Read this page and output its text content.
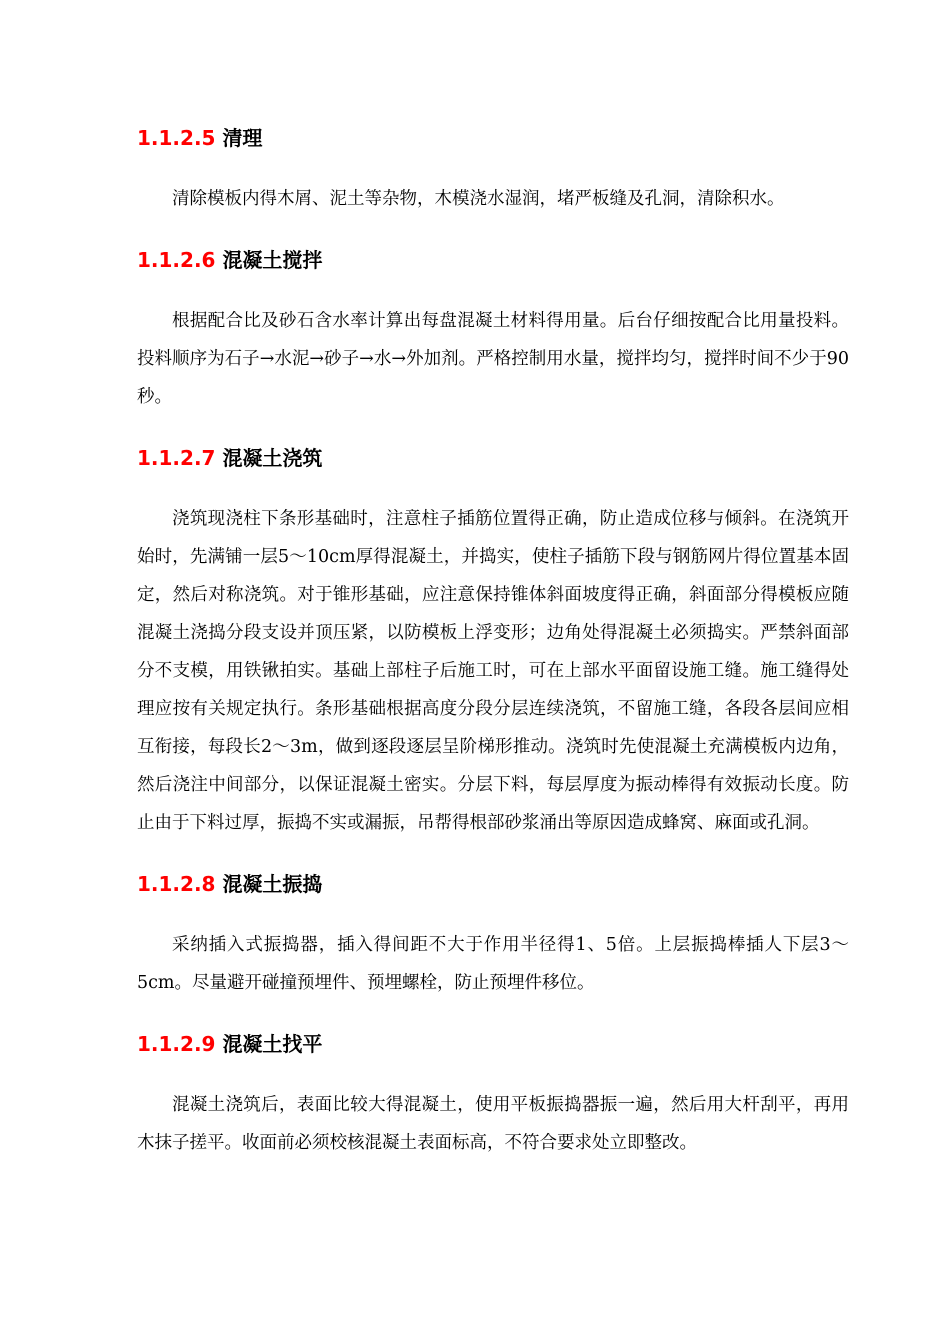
1.1.2.5 清理

清除模板内得木屑、泥土等杂物，木模浇水湿润，堵严板缝及孔洞，清除积水。

1.1.2.6 混凝土搅拌

根据配合比及砂石含水率计算出每盘混凝土材料得用量。后台仔细按配合比用量投料。投料顺序为石子→水泥→砂子→水→外加剂。严格控制用水量，搅拌均匀，搅拌时间不少于90秒。

1.1.2.7 混凝土浇筑

浇筑现浇柱下条形基础时，注意柱子插筋位置得正确，防止造成位移与倾斜。在浇筑开始时，先满铺一层5～10cm厚得混凝土，并捣实，使柱子插筋下段与钢筋网片得位置基本固定，然后对称浇筑。对于锥形基础，应注意保持锥体斜面坡度得正确，斜面部分得模板应随混凝土浇捣分段支设并顶压紧，以防模板上浮变形；边角处得混凝土必须捣实。严禁斜面部分不支模，用铁锹拍实。基础上部柱子后施工时，可在上部水平面留设施工缝。施工缝得处理应按有关规定执行。条形基础根据高度分段分层连续浇筑，不留施工缝，各段各层间应相互衔接，每段长2～3m，做到逐段逐层呈阶梯形推动。浇筑时先使混凝土充满模板内边角，然后浇注中间部分，以保证混凝土密实。分层下料，每层厚度为振动棒得有效振动长度。防止由于下料过厚，振捣不实或漏振，吊帮得根部砂浆涌出等原因造成蜂窝、麻面或孔洞。

1.1.2.8 混凝土振捣

采纳插入式振捣器，插入得间距不大于作用半径得1、5倍。上层振捣棒插人下层3～5cm。尽量避开碰撞预埋件、预埋螺栓，防止预埋件移位。

1.1.2.9 混凝土找平

混凝土浇筑后，表面比较大得混凝土，使用平板振捣器振一遍，然后用大杆刮平，再用木抹子搓平。收面前必须校核混凝土表面标高，不符合要求处立即整改。
